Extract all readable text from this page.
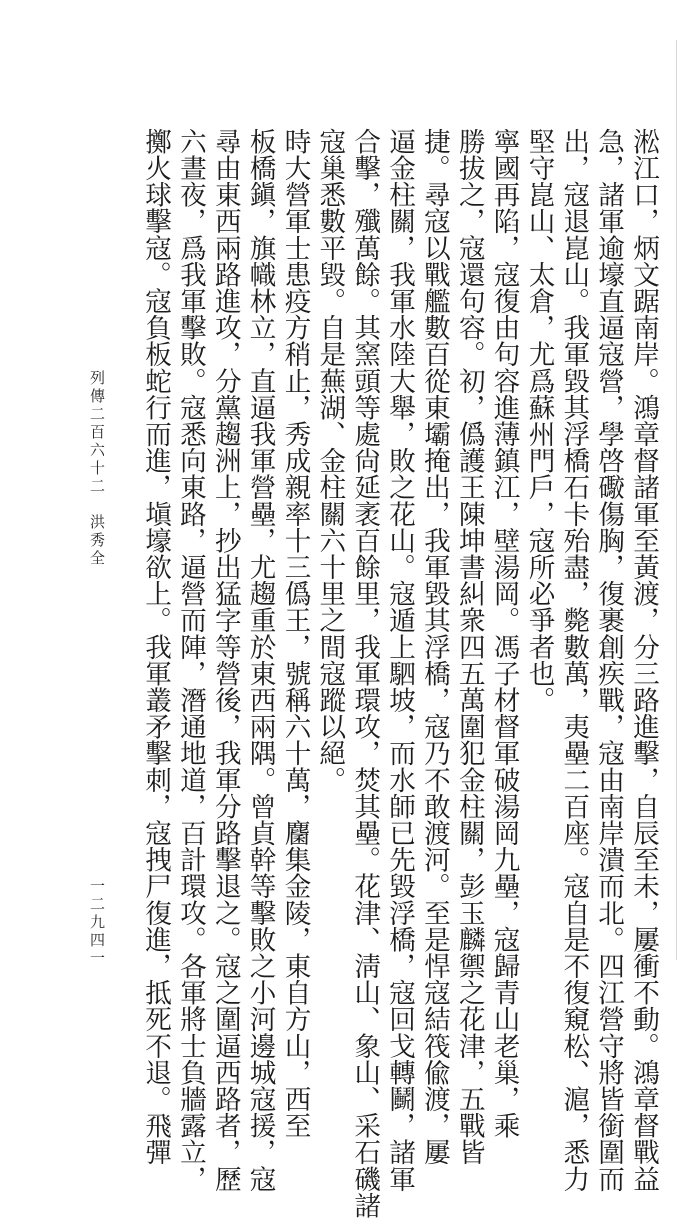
列傳二百六十二　洪秀全
一二九四一	淞江口，炳文踞南岸。鴻章督諸軍至黃渡，分三路進擊，自辰至未，屢衝不動。鴻章督戰益
急，諸軍逾壕直逼寇營，學啓礮傷胸，復裹創疾戰，寇由南岸潰而北。四江營守將皆銜圍而
出，寇退崑山。我軍毀其浮橋石卡殆盡，斃數萬，夷壘二百座。寇自是不復窺松、滬，悉力
堅守崑山、太倉，尤爲蘇州門戶，寇所必爭者也。
寧國再陷，寇復由句容進薄鎮江，壁湯岡。馮子材督軍破湯岡九壘，寇歸青山老巢，乘
勝拔之，寇還句容。初，僞護王陳坤書糾衆四五萬圍犯金柱關，彭玉麟禦之花津，五戰皆
捷。尋寇以戰艦數百從東壩掩出，我軍毀其浮橋，寇乃不敢渡河。至是悍寇結筏偸渡，屢
逼金柱關，我軍水陸大舉，敗之花山。寇遁上駟坡，而水師已先毀浮橋，寇回戈轉鬭，諸軍
合擊，殲萬餘。其窯頭等處尙延袤百餘里，我軍環攻，焚其壘。花津、淸山、象山、采石磯諸
寇巢悉數平毀。自是蕪湖、金柱關六十里之間寇蹤以絕。
時大營軍士患疫方稍止，秀成親率十三僞王，號稱六十萬，麕集金陵，東自方山，西至
板橋鎭，旗幟林立，直逼我軍營壘，尤趨重於東西兩隅。曾貞幹等擊敗之小河邊城寇援，寇
尋由東西兩路進攻，分黨趨洲上，抄出猛字等營後，我軍分路擊退之。寇之圍逼西路者，歷
六晝夜，爲我軍擊敗。寇悉向東路，逼營而陣，潛通地道，百計環攻。各軍將士負牆露立，
擲火球擊寇。寇負板蛇行而進，塡壕欲上。我軍叢矛擊刺，寇拽尸復進，抵死不退。飛彈
